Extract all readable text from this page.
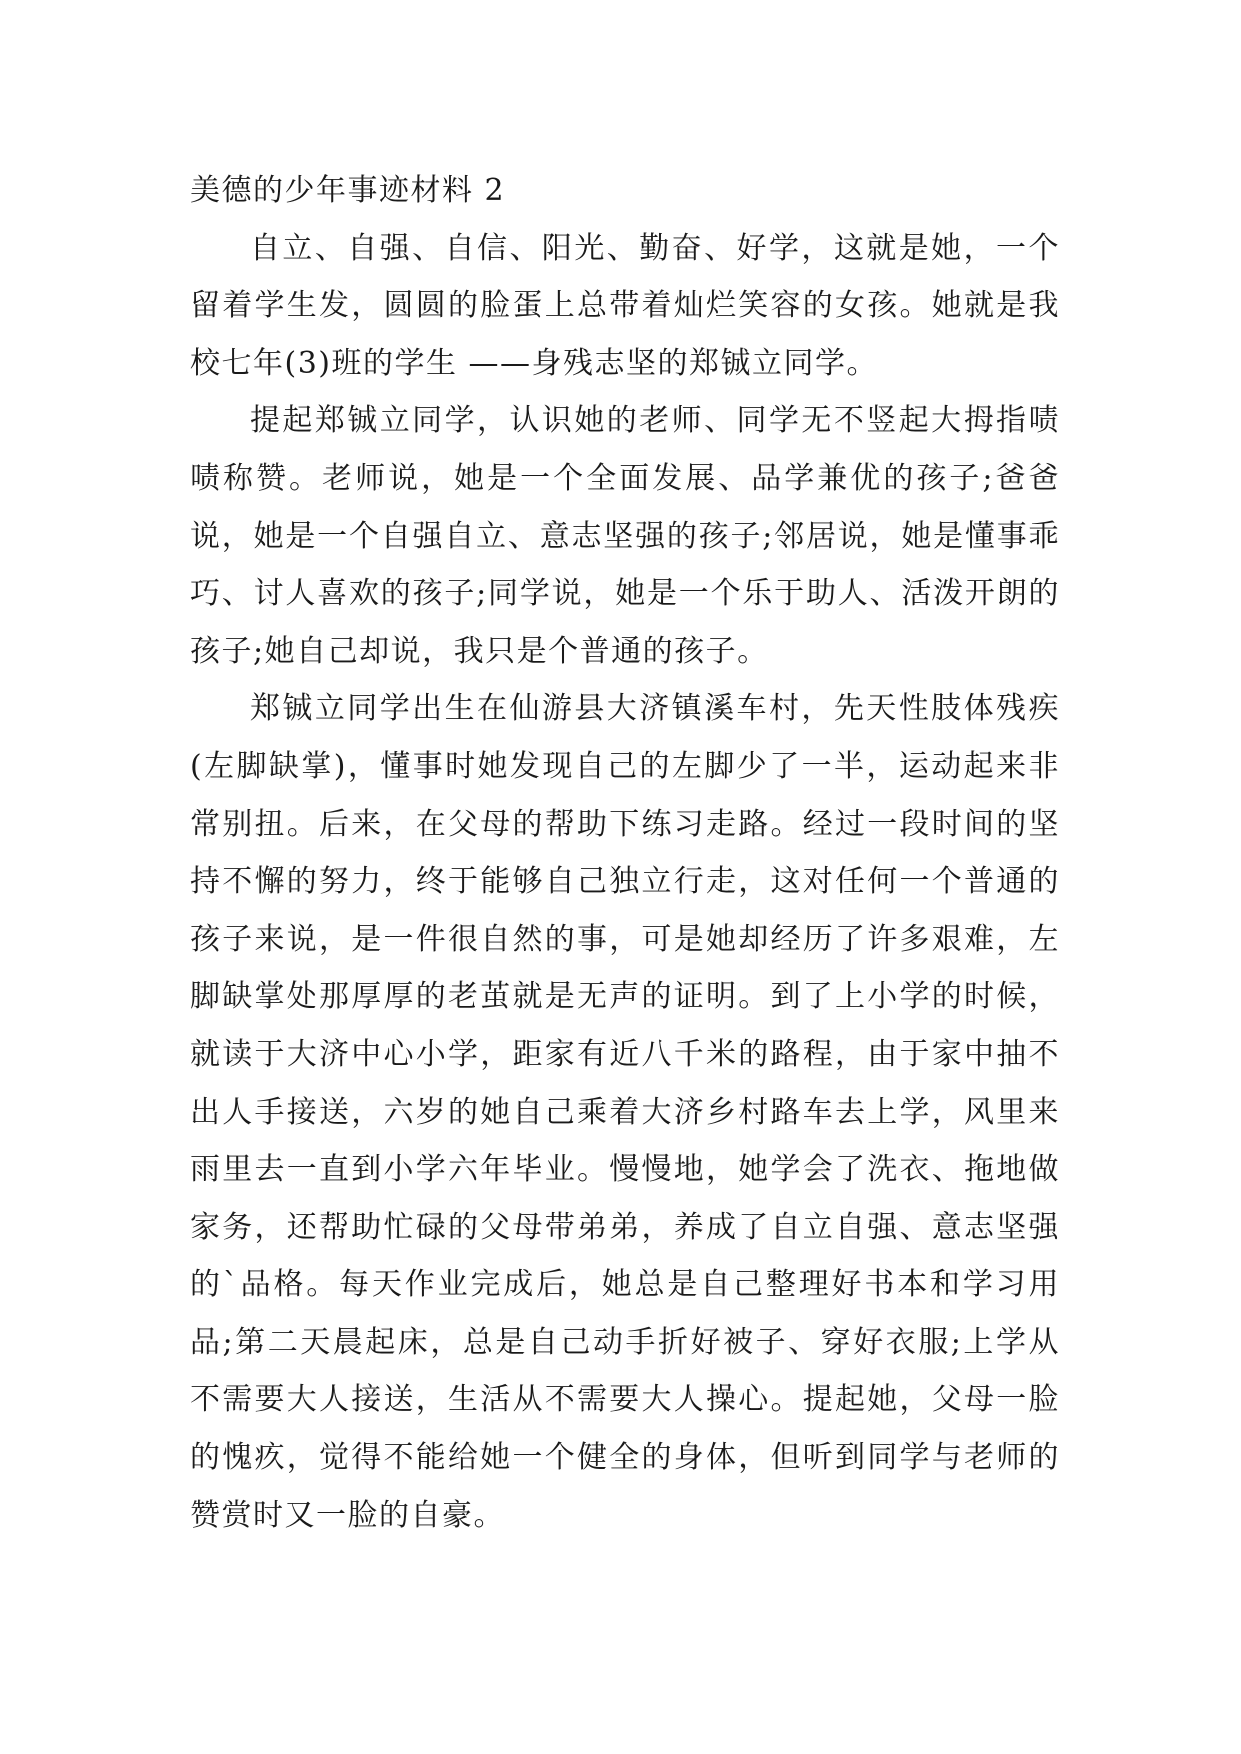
美德的少年事迹材料 2

自立、自强、自信、阳光、勤奋、好学，这就是她，一个留着学生发，圆圆的脸蛋上总带着灿烂笑容的女孩。她就是我校七年(3)班的学生 ——身残志坚的郑铖立同学。

提起郑铖立同学，认识她的老师、同学无不竖起大拇指啧啧称赞。老师说，她是一个全面发展、品学兼优的孩子;爸爸说，她是一个自强自立、意志坚强的孩子;邻居说，她是懂事乖巧、讨人喜欢的孩子;同学说，她是一个乐于助人、活泼开朗的孩子;她自己却说，我只是个普通的孩子。

郑铖立同学出生在仙游县大济镇溪车村，先天性肢体残疾(左脚缺掌)，懂事时她发现自己的左脚少了一半，运动起来非常别扭。后来，在父母的帮助下练习走路。经过一段时间的坚持不懈的努力，终于能够自己独立行走，这对任何一个普通的孩子来说，是一件很自然的事，可是她却经历了许多艰难，左脚缺掌处那厚厚的老茧就是无声的证明。到了上小学的时候，就读于大济中心小学，距家有近八千米的路程，由于家中抽不出人手接送，六岁的她自己乘着大济乡村路车去上学，风里来雨里去一直到小学六年毕业。慢慢地，她学会了洗衣、拖地做家务，还帮助忙碌的父母带弟弟，养成了自立自强、意志坚强的`品格。每天作业完成后，她总是自己整理好书本和学习用品;第二天晨起床，总是自己动手折好被子、穿好衣服;上学从不需要大人接送，生活从不需要大人操心。提起她，父母一脸的愧疚，觉得不能给她一个健全的身体，但听到同学与老师的赞赏时又一脸的自豪。
